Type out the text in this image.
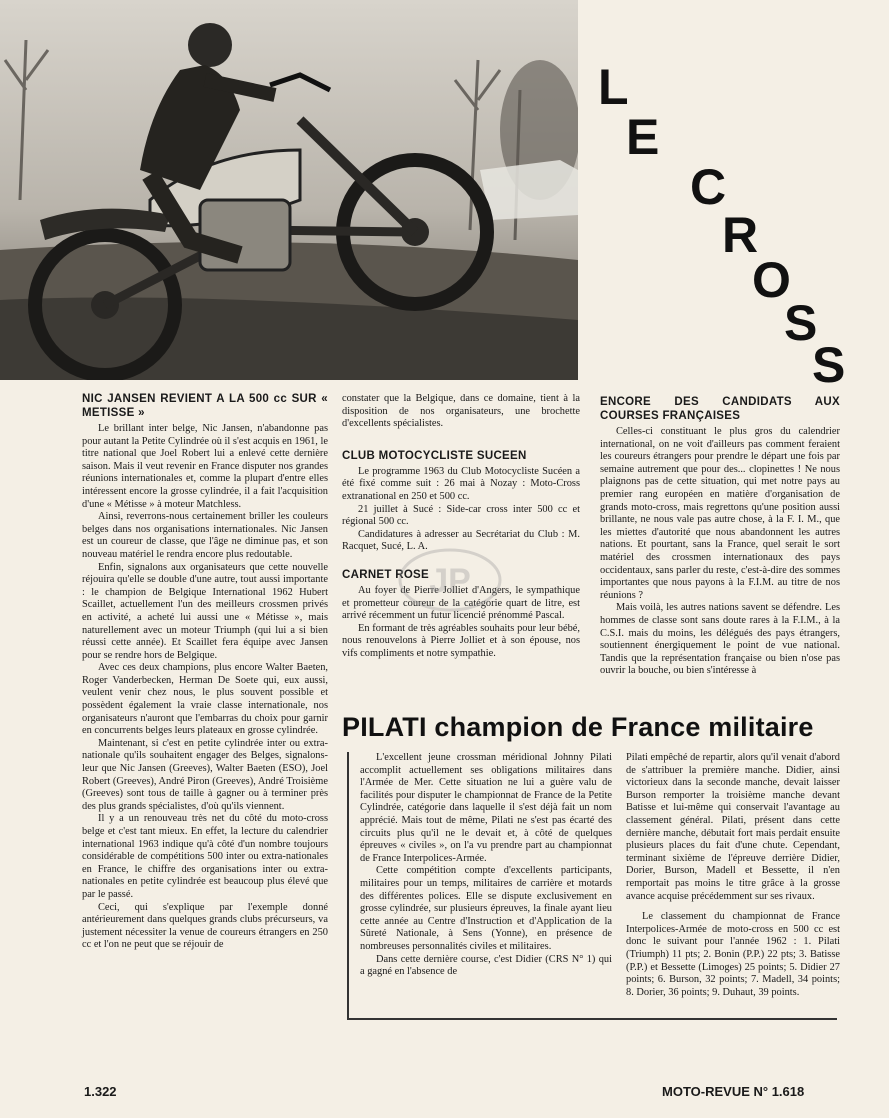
L
E
C
R
O
S
S
NIC JANSEN REVIENT A LA 500 cc SUR « METISSE »

Le brillant inter belge, Nic Jansen, n'abandonne pas pour autant la Petite Cylindrée où il s'est acquis en 1961, le titre national que Joel Robert lui a enlevé cette dernière saison. Mais il veut revenir en France disputer nos grandes réunions internationales et, comme la plupart d'entre elles intéressent encore la grosse cylindrée, il a fait l'acquisition d'une « Métisse » à moteur Matchless.

Ainsi, reverrons-nous certainement briller les couleurs belges dans nos organisations internationales. Nic Jansen est un coureur de classe, que l'âge ne diminue pas, et son nouveau matériel le rendra encore plus redoutable.

Enfin, signalons aux organisateurs que cette nouvelle réjouira qu'elle se double d'une autre, tout aussi importante : le champion de Belgique International 1962 Hubert Scaillet, actuellement l'un des meilleurs crossmen privés en activité, a acheté lui aussi une « Métisse », mais naturellement avec un moteur Triumph (qui lui a si bien réussi cette année). Et Scaillet fera équipe avec Jansen pour se rendre hors de Belgique.

Avec ces deux champions, plus encore Walter Baeten, Roger Vanderbecken, Herman De Soete qui, eux aussi, veulent venir chez nous, le plus souvent possible et possèdent également la vraie classe internationale, nos organisateurs n'auront que l'embarras du choix pour garnir en concurrents belges leurs plateaux en grosse cylindrée.

Maintenant, si c'est en petite cylindrée inter ou extra-nationale qu'ils souhaitent engager des Belges, signalons-leur que Nic Jansen (Greeves), Walter Baeten (ESO), Joel Robert (Greeves), André Piron (Greeves), André Troisième (Greeves) sont tous de taille à gagner ou à terminer près des plus grands spécialistes, d'où qu'ils viennent.

Il y a un renouveau très net du côté du moto-cross belge et c'est tant mieux. En effet, la lecture du calendrier international 1963 indique qu'à côté d'un nombre toujours considérable de compétitions 500 inter ou extra-nationales en France, le chiffre des organisations inter ou extra-nationales en petite cylindrée est beaucoup plus élevé que par le passé.

Ceci, qui s'explique par l'exemple donné antérieurement dans quelques grands clubs précurseurs, va justement nécessiter la venue de coureurs étrangers en 250 cc et l'on ne peut que se réjouir de

constater que la Belgique, dans ce domaine, tient à la disposition de nos organisateurs, une brochette d'excellents spécialistes.

CLUB MOTOCYCLISTE SUCEEN

Le programme 1963 du Club Motocycliste Sucéen a été fixé comme suit : 26 mai à Nozay : Moto-Cross extranational en 250 et 500 cc.

21 juillet à Sucé : Side-car cross inter 500 cc et régional 500 cc.

Candidatures à adresser au Secrétariat du Club : M. Racquet, Sucé, L. A.

CARNET ROSE

Au foyer de Pierre Jolliet d'Angers, le sympathique et prometteur coureur de la catégorie quart de litre, est arrivé récemment un futur licencié prénommé Pascal.

En formant de très agréables souhaits pour leur bébé, nous renouvelons à Pierre Jolliet et à son épouse, nos vifs compliments et notre sympathie.

JP
ENCORE DES CANDIDATS AUX COURSES FRANÇAISES

Celles-ci constituant le plus gros du calendrier international, on ne voit d'ailleurs pas comment feraient les coureurs étrangers pour prendre le départ une fois par semaine autrement que pour des... clopinettes ! Ne nous plaignons pas de cette situation, qui met notre pays au premier rang européen en matière d'organisation de grands moto-cross, mais regrettons qu'une position aussi brillante, ne nous vale pas autre chose, à la F. I. M., que les miettes d'autorité que nous abandonnent les autres nations. Et pourtant, sans la France, quel serait le sort matériel des crossmen internationaux des pays occidentaux, sans parler du reste, c'est-à-dire des sommes importantes que nous payons à la F.I.M. au titre de nos réunions ?

Mais voilà, les autres nations savent se défendre. Les hommes de classe sont sans doute rares à la F.I.M., à la C.S.I. mais du moins, les délégués des pays étrangers, soutiennent énergiquement le point de vue national. Tandis que la représentation française ou bien n'ose pas ouvrir la bouche, ou bien s'intéresse à

PILATI champion de France militaire

L'excellent jeune crossman méridional Johnny Pilati accomplit actuellement ses obligations militaires dans l'Armée de Mer. Cette situation ne lui a guère valu de facilités pour disputer le championnat de France de la Petite Cylindrée, catégorie dans laquelle il s'est déjà fait un nom apprécié. Mais tout de même, Pilati ne s'est pas écarté des circuits plus qu'il ne le devait et, à côté de quelques épreuves « civiles », on l'a vu prendre part au championnat de France Interpolices-Armée.

Cette compétition compte d'excellents participants, militaires pour un temps, militaires de carrière et motards des différentes polices. Elle se dispute exclusivement en grosse cylindrée, sur plusieurs épreuves, la finale ayant lieu cette année au Centre d'Instruction et d'Application de la Sûreté Nationale, à Sens (Yonne), en présence de nombreuses personnalités civiles et militaires.

Dans cette dernière course, c'est Didier (CRS N° 1) qui a gagné en l'absence de

Pilati empêché de repartir, alors qu'il venait d'abord de s'attribuer la première manche. Didier, ainsi victorieux dans la seconde manche, devait laisser Burson remporter la troisième manche devant Batisse et lui-même qui conservait l'avantage au classement général. Pilati, présent dans cette dernière manche, débutait fort mais perdait ensuite plusieurs places du fait d'une chute. Cependant, terminant sixième de l'épreuve derrière Didier, Dorier, Burson, Madell et Bessette, il n'en remportait pas moins le titre grâce à la grosse avance acquise précédemment sur ses rivaux.

Le classement du championnat de France Interpolices-Armée de moto-cross en 500 cc est donc le suivant pour l'année 1962 : 1. Pilati (Triumph) 11 pts; 2. Bonin (P.P.) 22 pts; 3. Batisse (P.P.) et Bessette (Limoges) 25 points; 5. Didier 27 points; 6. Burson, 32 points; 7. Madell, 34 points; 8. Dorier, 36 points; 9. Duhaut, 39 points.

1.322	MOTO-REVUE N° 1.618
